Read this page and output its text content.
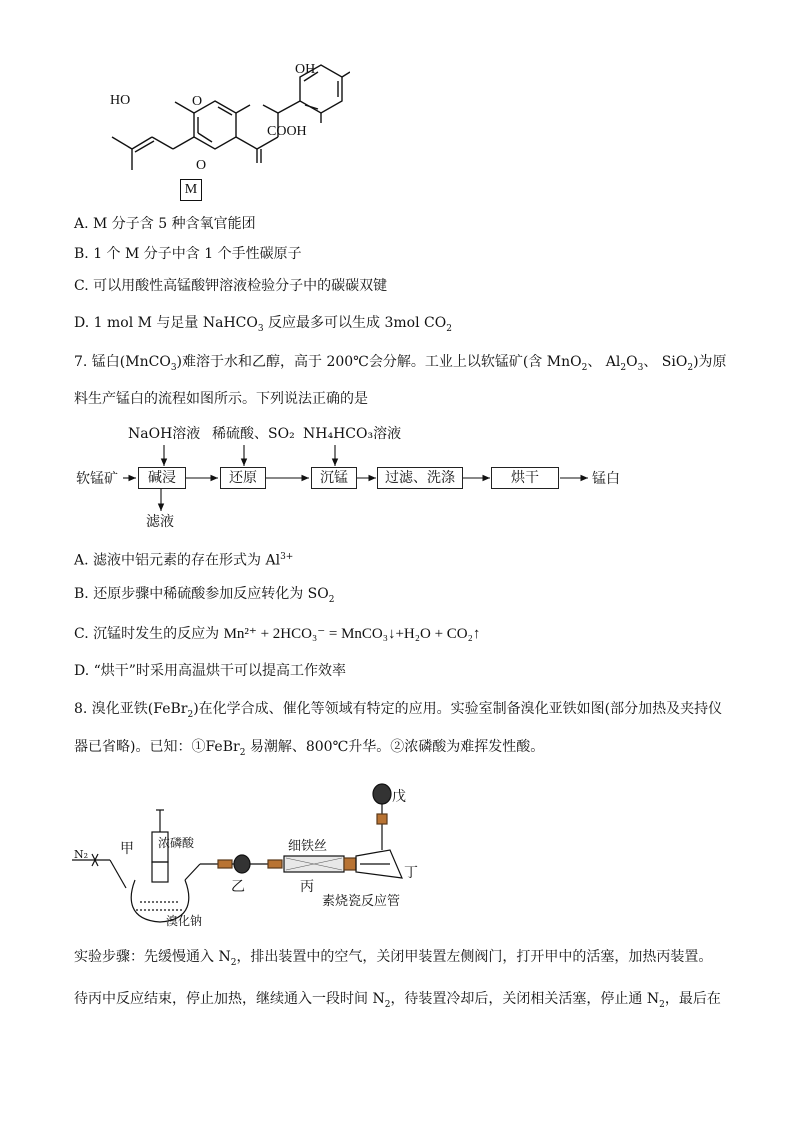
OH
HO	O
COOH
O
M
A. M 分子含 5 种含氧官能团
B. 1 个 M 分子中含 1 个手性碳原子
C. 可以用酸性高锰酸钾溶液检验分子中的碳碳双键
D. 1 mol M 与足量 NaHCO$_3$ 反应最多可以生成 3mol $CO_2$
7. 锰白(MnCO$_3$)难溶于水和乙醇，高于 200℃会分解。工业上以软锰矿(含 MnO$_2$、 $Al_2O_3$、 SiO$_2$)为原
料生产锰白的流程如图所示。下列说法正确的是
NaOH溶液 稀硫酸、SO₂ NH₄HCO₃溶液
软锰矿	碱浸	还原	沉锰	过滤、洗涤	烘干	锰白
滤液
A. 滤液中铝元素的存在形式为 $Al^{3+}$
B. 还原步骤中稀硫酸参加反应转化为 $SO_2$
C. 沉锰时发生的反应为 Mn²⁺ + 2HCO₃⁻ = MnCO₃↓+H₂O + CO₂↑
D. “烘干”时采用高温烘干可以提高工作效率
8. 溴化亚铁(FeBr$_2$)在化学合成、催化等领域有特定的应用。实验室制备溴化亚铁如图(部分加热及夹持仪
器已省略)。已知：①FeBr$_2$ 易潮解、800℃升华。②浓磷酸为难挥发性酸。
N₂ 甲 浓磷酸
乙
细铁丝
丙
素烧瓷反应管
丁
戊
溴化钠
实验步骤：先缓慢通入 $N_2$，排出装置中的空气，关闭甲装置左侧阀门，打开甲中的活塞，加热丙装置。
待丙中反应结束，停止加热，继续通入一段时间 $N_2$，待装置冷却后，关闭相关活塞，停止通 $N_2$，最后在
